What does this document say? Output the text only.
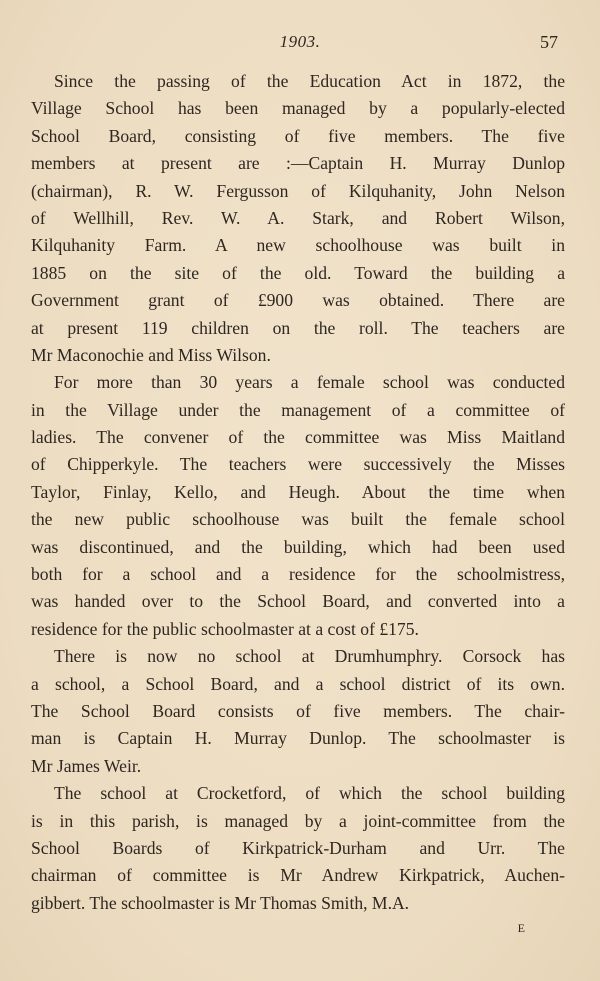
1903.	57
Since the passing of the Education Act in 1872, the
Village School has been managed by a popularly-elected
School Board, consisting of five members. The five
members at present are :—Captain H. Murray Dunlop
(chairman), R. W. Fergusson of Kilquhanity, John Nelson
of Wellhill, Rev. W. A. Stark, and Robert Wilson,
Kilquhanity Farm. A new schoolhouse was built in
1885 on the site of the old. Toward the building a
Government grant of £900 was obtained. There are
at present 119 children on the roll. The teachers are
Mr Maconochie and Miss Wilson.
For more than 30 years a female school was conducted
in the Village under the management of a committee of
ladies. The convener of the committee was Miss Maitland
of Chipperkyle. The teachers were successively the Misses
Taylor, Finlay, Kello, and Heugh. About the time when
the new public schoolhouse was built the female school
was discontinued, and the building, which had been used
both for a school and a residence for the schoolmistress,
was handed over to the School Board, and converted into a
residence for the public schoolmaster at a cost of £175.
There is now no school at Drumhumphry. Corsock has
a school, a School Board, and a school district of its own.
The School Board consists of five members. The chair-
man is Captain H. Murray Dunlop. The schoolmaster is
Mr James Weir.
The school at Crocketford, of which the school building
is in this parish, is managed by a joint-committee from the
School Boards of Kirkpatrick-Durham and Urr. The
chairman of committee is Mr Andrew Kirkpatrick, Auchen-
gibbert. The schoolmaster is Mr Thomas Smith, M.A.
E
